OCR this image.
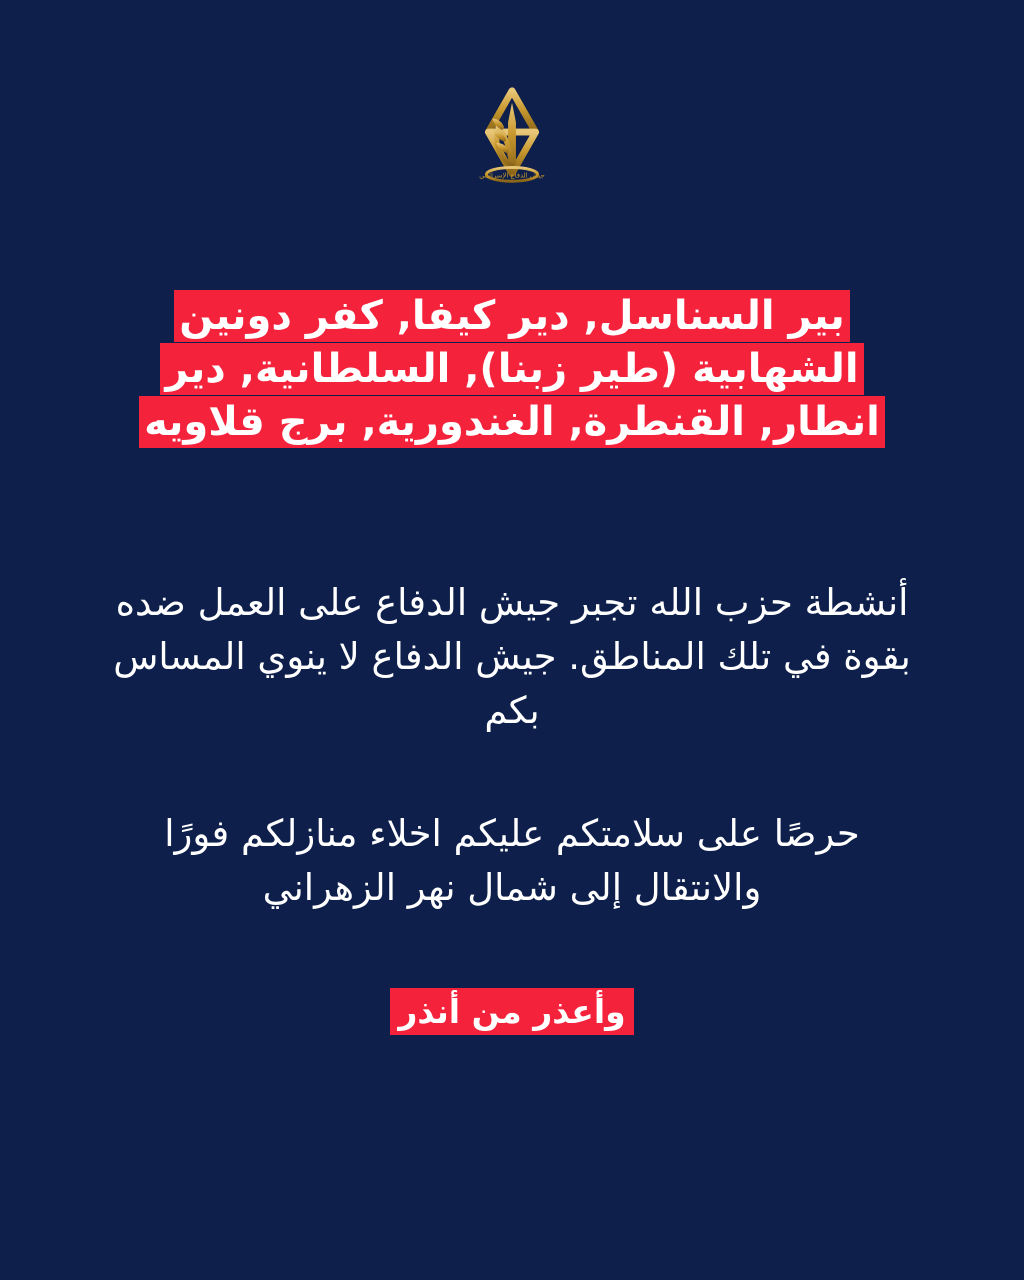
جيش الدفاع الإسرائيلي
بير السناسل, دير كيفا, كفر دونين الشهابية (طير زبنا), السلطانية, دير انطار, القنطرة, الغندورية, برج قلاويه
أنشطة حزب الله تجبر جيش الدفاع على العمل ضده بقوة في تلك المناطق. جيش الدفاع لا ينوي المساس بكم
حرصًا على سلامتكم عليكم اخلاء منازلكم فورًا والانتقال إلى شمال نهر الزهراني
وأعذر من أنذر
